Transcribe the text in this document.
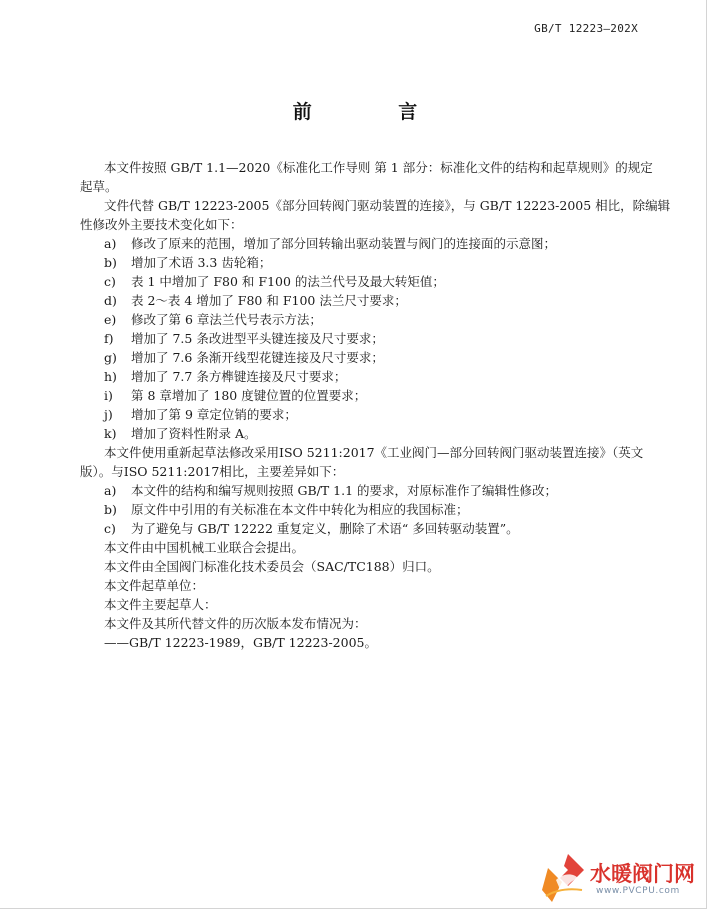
GB/T 12223—202X
前 言

本文件按照 GB/T 1.1—2020《标准化工作导则 第 1 部分：标准化文件的结构和起草规则》的规定

起草。

文件代替 GB/T 12223-2005《部分回转阀门驱动装置的连接》，与 GB/T 12223-2005 相比，除编辑

性修改外主要技术变化如下：

a)	修改了原来的范围，增加了部分回转输出驱动装置与阀门的连接面的示意图；
b)	增加了术语 3.3 齿轮箱；
c)	表 1 中增加了 F80 和 F100 的法兰代号及最大转矩值；
d)	表 2～表 4 增加了 F80 和 F100 法兰尺寸要求；
e)	修改了第 6 章法兰代号表示方法；
f)	增加了 7.5 条改进型平头键连接及尺寸要求；
g)	增加了 7.6 条渐开线型花键连接及尺寸要求；
h)	增加了 7.7 条方榫键连接及尺寸要求；
i)	第 8 章增加了 180 度键位置的位置要求；
j)	增加了第 9 章定位销的要求；
k)	增加了资料性附录 A。

本文件使用重新起草法修改采用ISO 5211:2017《工业阀门—部分回转阀门驱动装置连接》（英文

版）。与ISO 5211:2017相比，主要差异如下：

a)	本文件的结构和编写规则按照 GB/T 1.1 的要求，对原标准作了编辑性修改；
b)	原文件中引用的有关标准在本文件中转化为相应的我国标准；
c)	为了避免与 GB/T 12222 重复定义，删除了术语“ 多回转驱动装置”。

本文件由中国机械工业联合会提出。

本文件由全国阀门标准化技术委员会（SAC/TC188）归口。

本文件起草单位：

本文件主要起草人：

本文件及其所代替文件的历次版本发布情况为：

——GB/T 12223-1989，GB/T 12223-2005。

水暖阀门网
www.PVCPU.com
